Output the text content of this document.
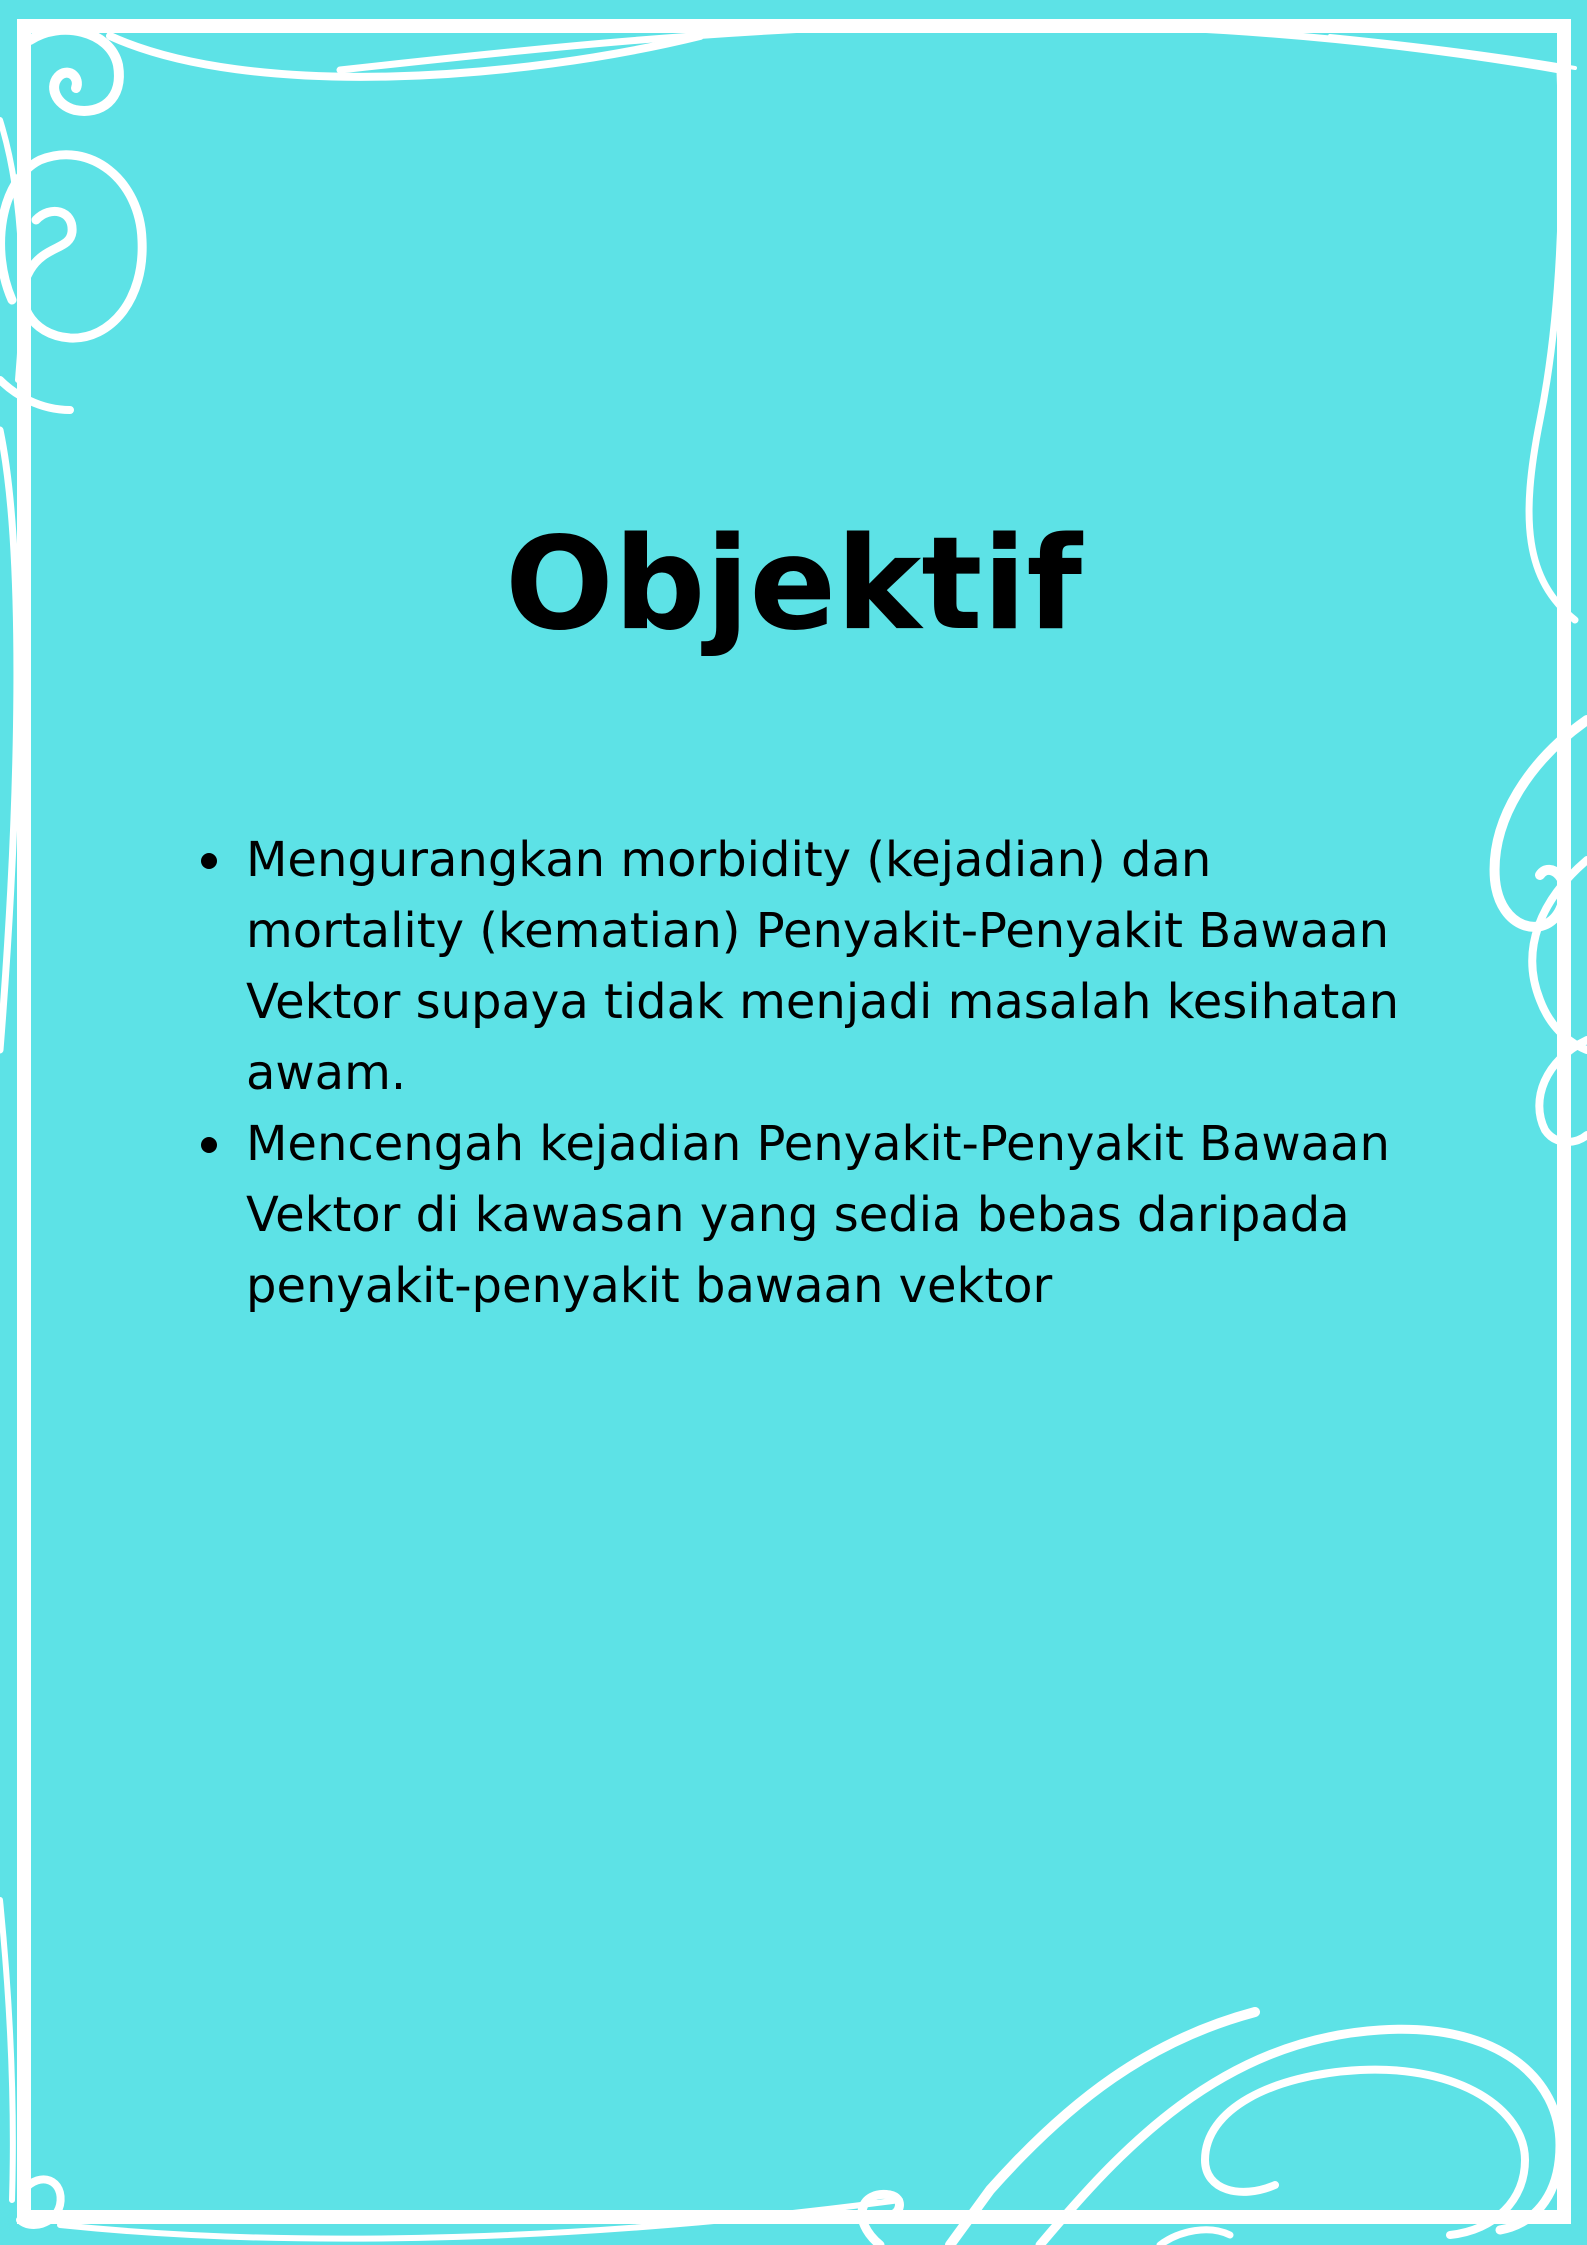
Objektif
Mengurangkan morbidity (kejadian) dan mortality (kematian) Penyakit-Penyakit Bawaan Vektor supaya tidak menjadi masalah kesihatan awam.
Mencengah kejadian Penyakit-Penyakit Bawaan Vektor di kawasan yang sedia bebas daripada penyakit-penyakit bawaan vektor
